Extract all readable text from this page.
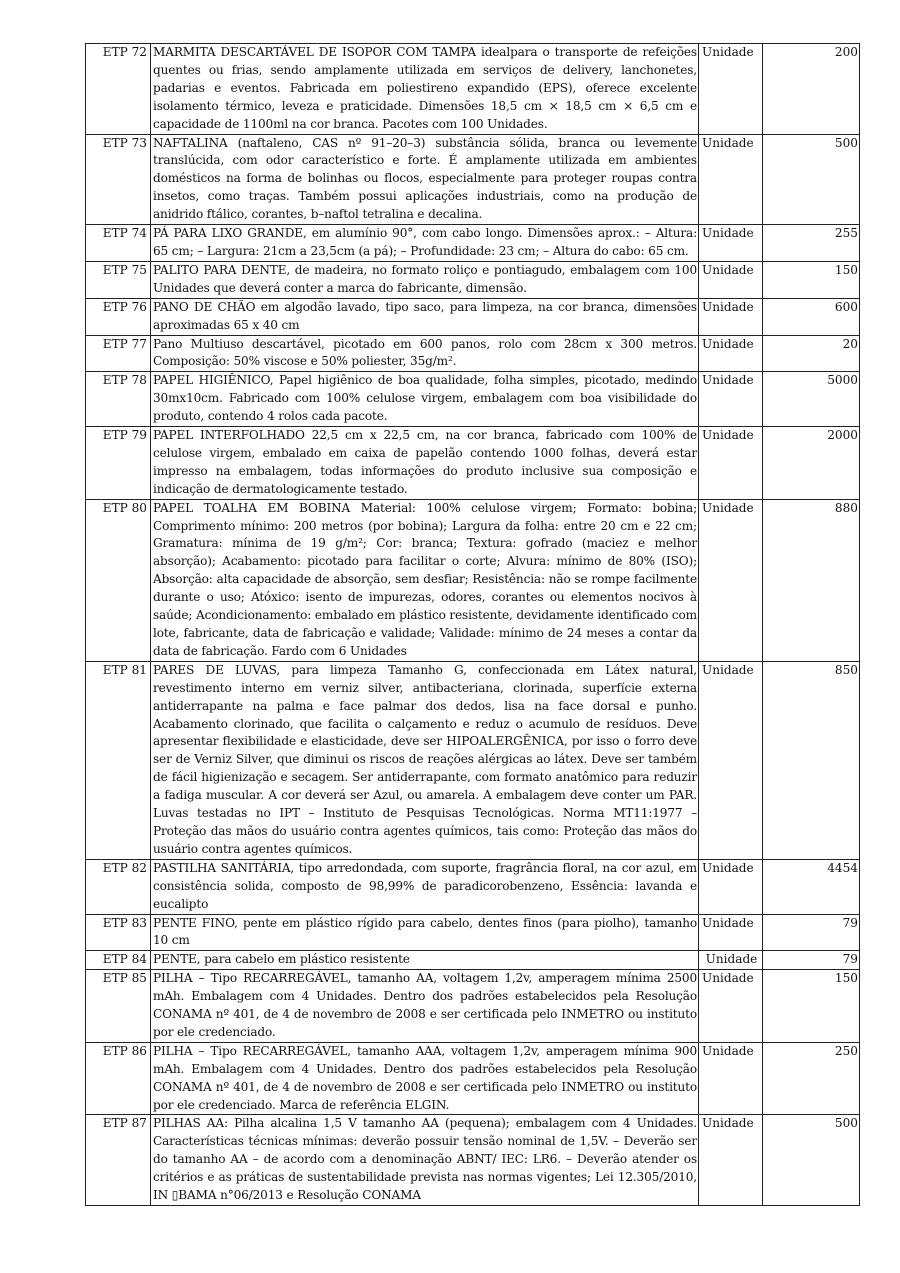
ETP 72	MARMITA DESCARTÁVEL DE ISOPOR COM TAMPA idealpara o transporte de refeições quentes ou frias, sendo amplamente utilizada em serviços de delivery, lanchonetes, padarias e eventos. Fabricada em poliestireno expandido (EPS), oferece excelente isolamento térmico, leveza e praticidade. Dimensões 18,5 cm × 18,5 cm × 6,5 cm e capacidade de 1100ml na cor branca. Pacotes com 100 Unidades.	Unidade	200
ETP 73	NAFTALINA (naftaleno, CAS nº 91–20–3) substância sólida, branca ou levemente translúcida, com odor característico e forte. É amplamente utilizada em ambientes domésticos na forma de bolinhas ou flocos, especialmente para proteger roupas contra insetos, como traças. Também possui aplicações industriais, como na produção de anidrido ftálico, corantes, b–naftol tetralina e decalina.	Unidade	500
ETP 74	PÁ PARA LIXO GRANDE, em alumínio 90°, com cabo longo. Dimensões aprox.: – Altura: 65 cm; – Largura: 21cm a 23,5cm (a pá); – Profundidade: 23 cm; – Altura do cabo: 65 cm.	Unidade	255
ETP 75	PALITO PARA DENTE, de madeira, no formato roliço e pontiagudo, embalagem com 100 Unidades que deverá conter a marca do fabricante, dimensão.	Unidade	150
ETP 76	PANO DE CHÃO em algodão lavado, tipo saco, para limpeza, na cor branca, dimensões aproximadas 65 x 40 cm	Unidade	600
ETP 77	Pano Multiuso descartável, picotado em 600 panos, rolo com 28cm x 300 metros. Composição: 50% viscose e 50% poliester, 35g/m².	Unidade	20
ETP 78	PAPEL HIGIÊNICO, Papel higiênico de boa qualidade, folha simples, picotado, medindo 30mx10cm. Fabricado com 100% celulose virgem, embalagem com boa visibilidade do produto, contendo 4 rolos cada pacote.	Unidade	5000
ETP 79	PAPEL INTERFOLHADO 22,5 cm x 22,5 cm, na cor branca, fabricado com 100% de celulose virgem, embalado em caixa de papelão contendo 1000 folhas, deverá estar impresso na embalagem, todas informações do produto inclusive sua composição e indicação de dermatologicamente testado.	Unidade	2000
ETP 80	PAPEL TOALHA EM BOBINA Material: 100% celulose virgem; Formato: bobina; Comprimento mínimo: 200 metros (por bobina); Largura da folha: entre 20 cm e 22 cm; Gramatura: mínima de 19 g/m²; Cor: branca; Textura: gofrado (maciez e melhor absorção); Acabamento: picotado para facilitar o corte; Alvura: mínimo de 80% (ISO); Absorção: alta capacidade de absorção, sem desfiar; Resistência: não se rompe facilmente durante o uso; Atóxico: isento de impurezas, odores, corantes ou elementos nocivos à saúde; Acondicionamento: embalado em plástico resistente, devidamente identificado com lote, fabricante, data de fabricação e validade; Validade: mínimo de 24 meses a contar da data de fabricação. Fardo com 6 Unidades	Unidade	880
ETP 81	PARES DE LUVAS, para limpeza Tamanho G, confeccionada em Látex natural, revestimento interno em verniz silver, antibacteriana, clorinada, superfície externa antiderrapante na palma e face palmar dos dedos, lisa na face dorsal e punho. Acabamento clorinado, que facilita o calçamento e reduz o acumulo de resíduos. Deve apresentar flexibilidade e elasticidade, deve ser HIPOALERGÊNICA, por isso o forro deve ser de Verniz Silver, que diminui os riscos de reações alérgicas ao látex. Deve ser também de fácil higienização e secagem. Ser antiderrapante, com formato anatômico para reduzir a fadiga muscular. A cor deverá ser Azul, ou amarela. A embalagem deve conter um PAR. Luvas testadas no IPT – Instituto de Pesquisas Tecnológicas. Norma MT11:1977 – Proteção das mãos do usuário contra agentes químicos, tais como: Proteção das mãos do usuário contra agentes químicos.	Unidade	850
ETP 82	PASTILHA SANITÁRIA, tipo arredondada, com suporte, fragrância floral, na cor azul, em consistência solida, composto de 98,99% de paradicorobenzeno, Essência: lavanda e eucalipto	Unidade	4454
ETP 83	PENTE FINO, pente em plástico rígido para cabelo, dentes finos (para piolho), tamanho 10 cm	Unidade	79
ETP 84	PENTE, para cabelo em plástico resistente	Unidade	79
ETP 85	PILHA – Tipo RECARREGÁVEL, tamanho AA, voltagem 1,2v, amperagem mínima 2500 mAh. Embalagem com 4 Unidades. Dentro dos padrões estabelecidos pela Resolução CONAMA nº 401, de 4 de novembro de 2008 e ser certificada pelo INMETRO ou instituto por ele credenciado.	Unidade	150
ETP 86	PILHA – Tipo RECARREGÁVEL, tamanho AAA, voltagem 1,2v, amperagem mínima 900 mAh. Embalagem com 4 Unidades. Dentro dos padrões estabelecidos pela Resolução CONAMA nº 401, de 4 de novembro de 2008 e ser certificada pelo INMETRO ou instituto por ele credenciado. Marca de referência ELGIN.	Unidade	250
ETP 87	PILHAS AA: Pilha alcalina 1,5 V tamanho AA (pequena); embalagem com 4 Unidades. Características técnicas mínimas: deverão possuir tensão nominal de 1,5V. – Deverão ser do tamanho AA – de acordo com a denominação ABNT/ IEC: LR6. – Deverão atender os critérios e as práticas de sustentabilidade prevista nas normas vigentes; Lei 12.305/2010, IN ▯BAMA n°06/2013 e Resolução CONAMA	Unidade	500
